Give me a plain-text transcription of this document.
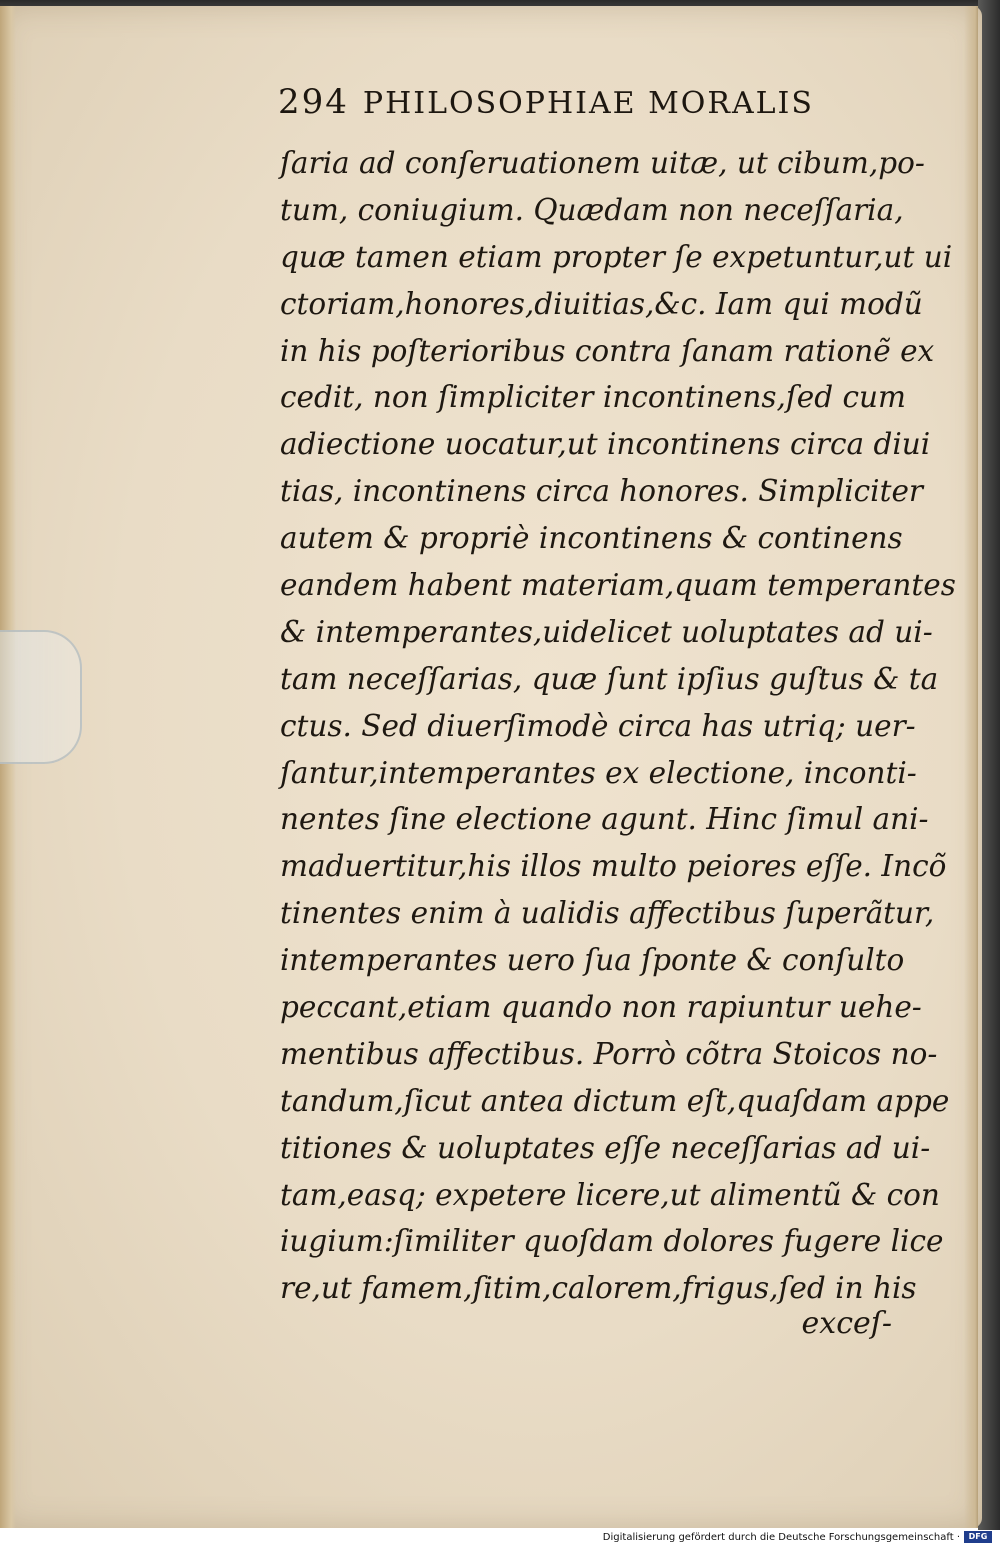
294 PHILOSOPHIAE MORALIS
ſaria ad conſeruationem uitæ, ut cibum,po-
tum, coniugium. Quædam non neceſſaria,
quæ tamen etiam propter ſe expetuntur,ut ui
ctoriam,honores,diuitias,&c. Iam qui modũ
in his poſterioribus contra ſanam rationẽ ex
cedit, non ſimpliciter incontinens,ſed cum
adiectione uocatur,ut incontinens circa diui
tias, incontinens circa honores. Simpliciter
autem & propriè incontinens & continens
eandem habent materiam,quam temperantes
& intemperantes,uidelicet uoluptates ad ui-
tam neceſſarias, quæ ſunt ipſius guſtus & ta
ctus. Sed diuerſimodè circa has utriq; uer-
ſantur,intemperantes ex electione, inconti-
nentes ſine electione agunt. Hinc ſimul ani-
maduertitur,his illos multo peiores eſſe. Incõ
tinentes enim à ualidis affectibus ſuperãtur,
intemperantes uero ſua ſponte & conſulto
peccant,etiam quando non rapiuntur uehe-
mentibus affectibus. Porrò cõtra Stoicos no-
tandum,ſicut antea dictum eſt,quaſdam appe
titiones & uoluptates eſſe neceſſarias ad ui-
tam,easq; expetere licere,ut alimentũ & con
iugium:ſimiliter quoſdam dolores fugere lice
re,ut famem,ſitim,calorem,frigus,ſed in his
exceſ-
Digitalisierung gefördert durch die Deutsche Forschungsgemeinschaft ·	DFG
